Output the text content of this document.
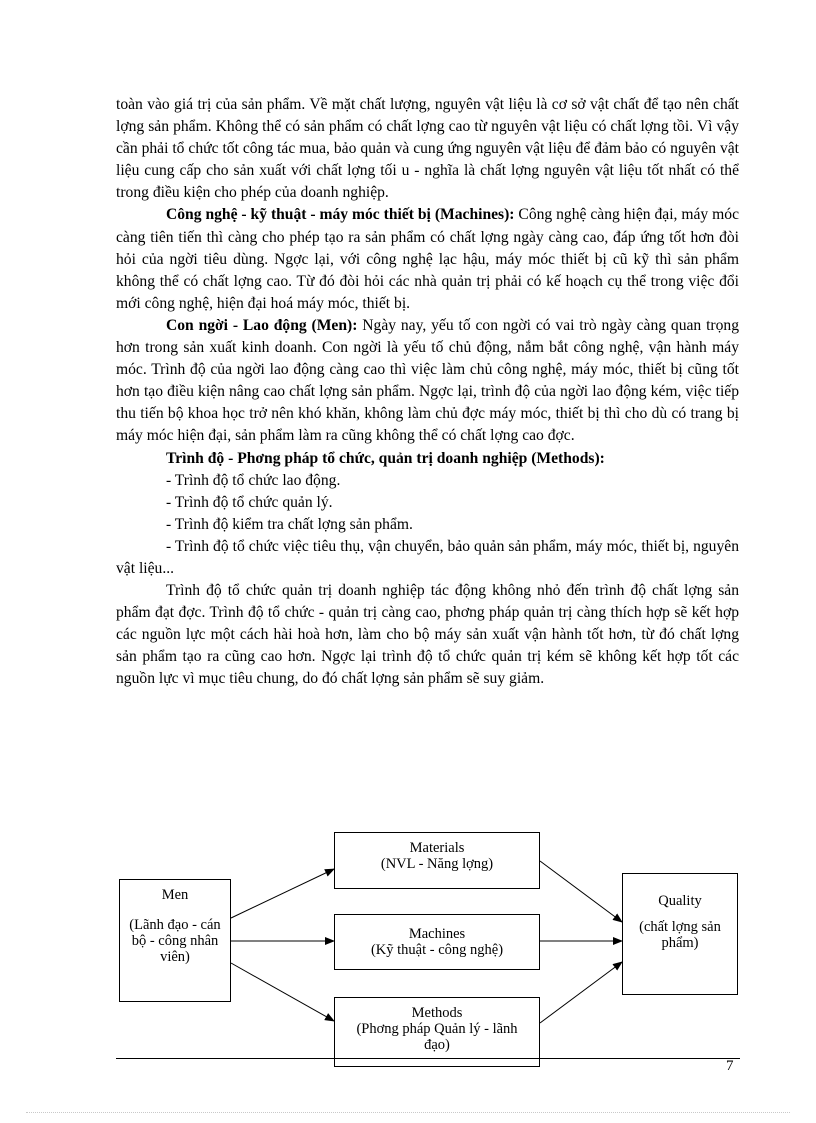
toàn vào giá trị của sản phẩm. Về mặt chất lượng, nguyên vật liệu là cơ sở vật chất để tạo nên chất lợng sản phẩm. Không thể có sản phẩm có chất lợng cao từ nguyên vật liệu có chất lợng tồi. Vì vậy cần phải tổ chức tốt công tác mua, bảo quản và cung ứng nguyên vật liệu để đảm bảo có nguyên vật liệu cung cấp cho sản xuất với chất lợng tối u - nghĩa là chất lợng nguyên vật liệu tốt nhất có thể trong điều kiện cho phép của doanh nghiệp.

Công nghệ - kỹ thuật - máy móc thiết bị (Machines): Công nghệ càng hiện đại, máy móc càng tiên tiến thì càng cho phép tạo ra sản phẩm có chất lợng ngày càng cao, đáp ứng tốt hơn đòi hỏi của ngời tiêu dùng. Ngợc lại, với công nghệ lạc hậu, máy móc thiết bị cũ kỹ thì sản phẩm không thể có chất lợng cao. Từ đó đòi hỏi các nhà quản trị phải có kế hoạch cụ thể trong việc đổi mới công nghệ, hiện đại hoá máy móc, thiết bị.

Con ngời - Lao động (Men): Ngày nay, yếu tố con ngời có vai trò ngày càng quan trọng hơn trong sản xuất kinh doanh. Con ngời là yếu tố chủ động, nắm bắt công nghệ, vận hành máy móc. Trình độ của ngời lao động càng cao thì việc làm chủ công nghệ, máy móc, thiết bị cũng tốt hơn tạo điều kiện nâng cao chất lợng sản phẩm. Ngợc lại, trình độ của ngời lao động kém, việc tiếp thu tiến bộ khoa học trở nên khó khăn, không làm chủ đợc máy móc, thiết bị thì cho dù có trang bị máy móc hiện đại, sản phẩm làm ra cũng không thể có chất lợng cao đợc.

Trình độ - Phơng pháp tổ chức, quản trị doanh nghiệp (Methods):

- Trình độ tổ chức lao động.

- Trình độ tổ chức quản lý.

- Trình độ kiểm tra chất lợng sản phẩm.

- Trình độ tổ chức việc tiêu thụ, vận chuyển, bảo quản sản phẩm, máy móc, thiết bị, nguyên vật liệu...

Trình độ tổ chức quản trị doanh nghiệp tác động không nhỏ đến trình độ chất lợng sản phẩm đạt đợc. Trình độ tổ chức - quản trị càng cao, phơng pháp quản trị càng thích hợp sẽ kết hợp các nguồn lực một cách hài hoà hơn, làm cho bộ máy sản xuất vận hành tốt hơn, từ đó chất lợng sản phẩm tạo ra cũng cao hơn. Ngợc lại trình độ tổ chức quản trị kém sẽ không kết hợp tốt các nguồn lực vì mục tiêu chung, do đó chất lợng sản phẩm sẽ suy giảm.

Men
(Lãnh đạo - cán bộ - công nhân viên)
Materials
(NVL - Năng lợng)
Machines
(Kỹ thuật - công nghệ)
Methods
(Phơng pháp Quản lý - lãnh đạo)
Quality
(chất lợng sản phẩm)
7
